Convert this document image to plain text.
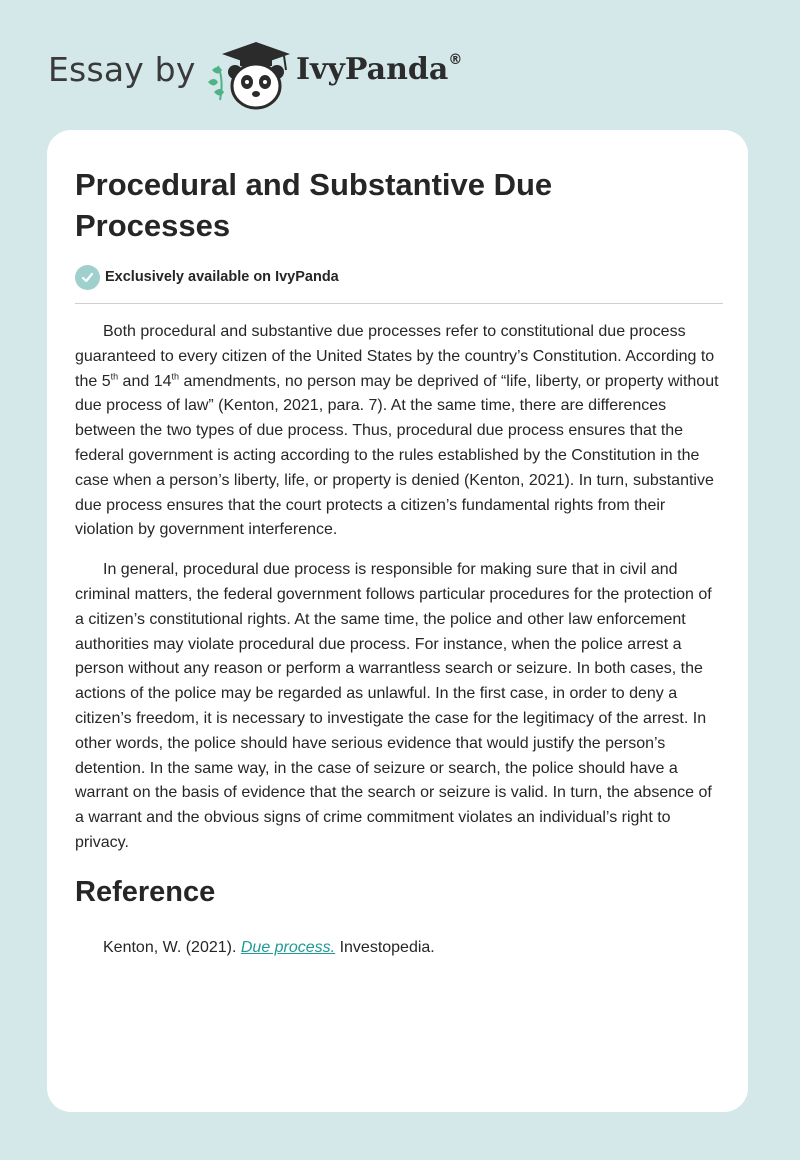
Essay by	IvyPanda®
Procedural and Substantive Due Processes
Exclusively available on IvyPanda

Both procedural and substantive due processes refer to constitutional due process guaranteed to every citizen of the United States by the country’s Constitution. According to the 5th and 14th amendments, no person may be deprived of “life, liberty, or property without due process of law” (Kenton, 2021, para. 7). At the same time, there are differences between the two types of due process. Thus, procedural due process ensures that the federal government is acting according to the rules established by the Constitution in the case when a person’s liberty, life, or property is denied (Kenton, 2021). In turn, substantive due process ensures that the court protects a citizen’s fundamental rights from their violation by government interference.

In general, procedural due process is responsible for making sure that in civil and criminal matters, the federal government follows particular procedures for the protection of a citizen’s constitutional rights. At the same time, the police and other law enforcement authorities may violate procedural due process. For instance, when the police arrest a person without any reason or perform a warrantless search or seizure. In both cases, the actions of the police may be regarded as unlawful. In the first case, in order to deny a citizen’s freedom, it is necessary to investigate the case for the legitimacy of the arrest. In other words, the police should have serious evidence that would justify the person’s detention. In the same way, in the case of seizure or search, the police should have a warrant on the basis of evidence that the search or seizure is valid. In turn, the absence of a warrant and the obvious signs of crime commitment violates an individual’s right to privacy.

Reference

Kenton, W. (2021). Due process. Investopedia.
